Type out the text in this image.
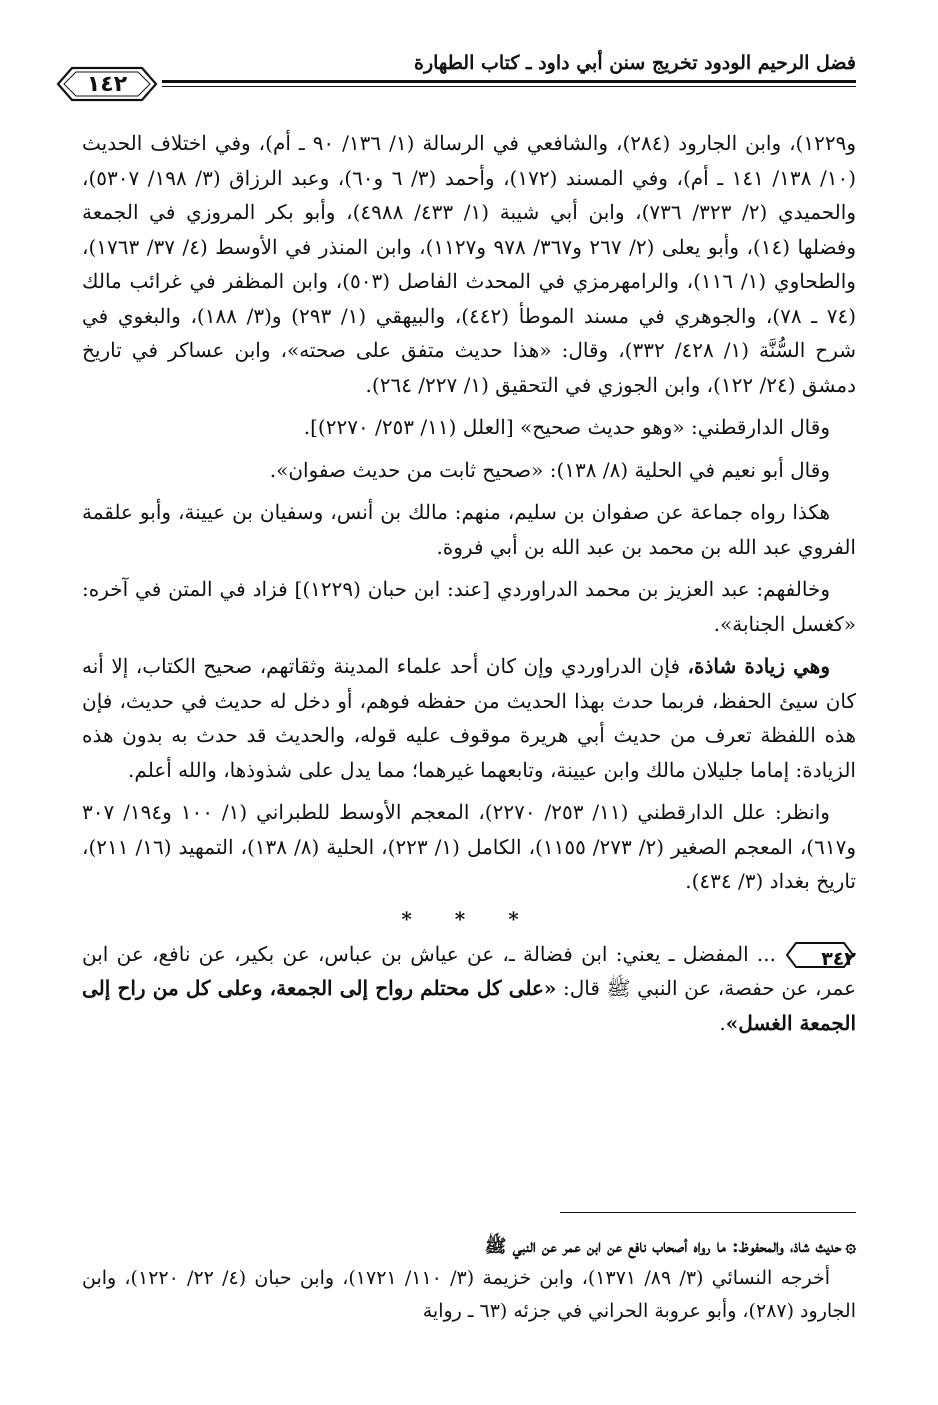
فضل الرحيم الودود تخريج سنن أبي داود ـ كتاب الطهارة
١٤٢

و١٢٢٩)، وابن الجارود (٢٨٤)، والشافعي في الرسالة (١/ ١٣٦/ ٩٠ ـ أم)، وفي اختلاف الحديث (١٠/ ١٣٨/ ١٤١ ـ أم)، وفي المسند (١٧٢)، وأحمد (٣/ ٦ و٦٠)، وعبد الرزاق (٣/ ١٩٨/ ٥٣٠٧)، والحميدي (٢/ ٣٢٣/ ٧٣٦)، وابن أبي شيبة (١/ ٤٣٣/ ٤٩٨٨)، وأبو بكر المروزي في الجمعة وفضلها (١٤)، وأبو يعلى (٢/ ٢٦٧ و٣٦٧/ ٩٧٨ و١١٢٧)، وابن المنذر في الأوسط (٤/ ٣٧/ ١٧٦٣)، والطحاوي (١/ ١١٦)، والرامهرمزي في المحدث الفاصل (٥٠٣)، وابن المظفر في غرائب مالك (٧٤ ـ ٧٨)، والجوهري في مسند الموطأ (٤٤٢)، والبيهقي (١/ ٢٩٣) و(٣/ ١٨٨)، والبغوي في شرح السُّنَّة (١/ ٤٢٨/ ٣٣٢)، وقال: «هذا حديث متفق على صحته»، وابن عساكر في تاريخ دمشق (٢٤/ ١٢٢)، وابن الجوزي في التحقيق (١/ ٢٢٧/ ٢٦٤).

وقال الدارقطني: «وهو حديث صحيح» [العلل (١١/ ٢٥٣/ ٢٢٧٠)].

وقال أبو نعيم في الحلية (٨/ ١٣٨): «صحيح ثابت من حديث صفوان».

هكذا رواه جماعة عن صفوان بن سليم، منهم: مالك بن أنس، وسفيان بن عيينة، وأبو علقمة الفروي عبد الله بن محمد بن عبد الله بن أبي فروة.

وخالفهم: عبد العزيز بن محمد الدراوردي [عند: ابن حبان (١٢٢٩)] فزاد في المتن في آخره: «كغسل الجنابة».

وهي زيادة شاذة، فإن الدراوردي وإن كان أحد علماء المدينة وثقاتهم، صحيح الكتاب، إلا أنه كان سيئ الحفظ، فربما حدث بهذا الحديث من حفظه فوهم، أو دخل له حديث في حديث، فإن هذه اللفظة تعرف من حديث أبي هريرة موقوف عليه قوله، والحديث قد حدث به بدون هذه الزيادة: إماما جليلان مالك وابن عيينة، وتابعهما غيرهما؛ مما يدل على شذوذها، والله أعلم.

وانظر: علل الدارقطني (١١/ ٢٥٣/ ٢٢٧٠)، المعجم الأوسط للطبراني (١/ ١٠٠ و١٩٤/ ٣٠٧ و٦١٧)، المعجم الصغير (٢/ ٢٧٣/ ١١٥٥)، الكامل (١/ ٢٢٣)، الحلية (٨/ ١٣٨)، التمهيد (١٦/ ٢١١)، تاريخ بغداد (٣/ ٤٣٤).

* * *

٣٤٢
... المفضل ـ يعني: ابن فضالة ـ، عن عياش بن عباس، عن بكير، عن نافع، عن ابن عمر، عن حفصة، عن النبي ﷺ قال: «على كل محتلم رواح إلى الجمعة، وعلى كل من راح إلى الجمعة الغسل».

۞حديث شاذ، والمحفوظ: ما رواه أصحاب نافع عن ابن عمر عن النبي ﷺ

أخرجه النسائي (٣/ ٨٩/ ١٣٧١)، وابن خزيمة (٣/ ١١٠/ ١٧٢١)، وابن حبان (٤/ ٢٢/ ١٢٢٠)، وابن الجارود (٢٨٧)، وأبو عروبة الحراني في جزئه (٦٣ ـ رواية
